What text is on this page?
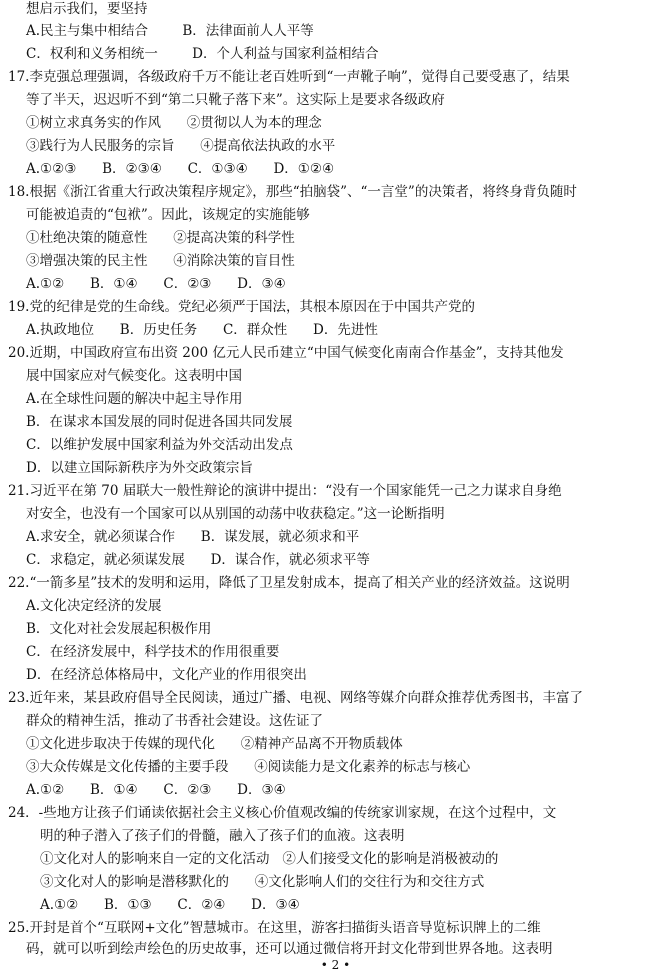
想启示我们，要坚持
A.民主与集中相结合        B．法律面前人人平等
C．权利和义务相统一        D．个人利益与国家利益相结合
17.李克强总理强调，各级政府千万不能让老百姓听到“一声靴子响”，觉得自己要受惠了，结果
等了半天，迟迟听不到“第二只靴子落下来”。这实际上是要求各级政府
①树立求真务实的作风      ②贯彻以人为本的理念
③践行为人民服务的宗旨      ④提高依法执政的水平
A.①②③      B．②③④      C．①③④      D．①②④
18.根据《浙江省重大行政决策程序规定》，那些“拍脑袋”、“一言堂”的决策者，将终身背负随时
可能被追责的“包袱”。因此，该规定的实施能够
①杜绝决策的随意性      ②提高决策的科学性
③增强决策的民主性      ④消除决策的盲目性
A.①②      B．①④      C．②③      D．③④
19.党的纪律是党的生命线。党纪必须严于国法，其根本原因在于中国共产党的
A.执政地位      B．历史任务      C．群众性      D．先进性
20.近期，中国政府宣布出资 200 亿元人民币建立“中国气候变化南南合作基金”，支持其他发
展中国家应对气候变化。这表明中国
A.在全球性问题的解决中起主导作用
B．在谋求本国发展的同时促进各国共同发展
C．以维护发展中国家利益为外交活动出发点
D．以建立国际新秩序为外交政策宗旨
21.习近平在第 70 届联大一般性辩论的演讲中提出：“没有一个国家能凭一己之力谋求自身绝
对安全，也没有一个国家可以从别国的动荡中收获稳定。”这一论断指明
A.求安全，就必须谋合作      B．谋发展，就必须求和平
C．求稳定，就必须谋发展      D．谋合作，就必须求平等
22.“一箭多星”技术的发明和运用，降低了卫星发射成本，提高了相关产业的经济效益。这说明
A.文化决定经济的发展
B．文化对社会发展起积极作用
C．在经济发展中，科学技术的作用很重要
D．在经济总体格局中，文化产业的作用很突出
23.近年来，某县政府倡导全民阅读，通过广播、电视、网络等媒介向群众推荐优秀图书，丰富了
群众的精神生活，推动了书香社会建设。这佐证了
①文化进步取决于传媒的现代化      ②精神产品离不开物质载体
③大众传媒是文化传播的主要手段      ④阅读能力是文化素养的标志与核心
A.①②      B．①④      C．②③      D．③④
24．-些地方让孩子们诵读依据社会主义核心价值观改编的传统家训家规，在这个过程中，文
明的种子潜入了孩子们的骨髓，融入了孩子们的血液。这表明
①文化对人的影响来自一定的文化活动   ②人们接受文化的影响是消极被动的
③文化对人的影响是潜移默化的      ④文化影响人们的交往行为和交往方式
A.①②      B．①③      C．②④      D．③④
25.开封是首个“互联网+文化”智慧城市。在这里，游客扫描街头语音导览标识牌上的二维
码，就可以听到绘声绘色的历史故事，还可以通过微信将开封文化带到世界各地。这表明
• 2 •
